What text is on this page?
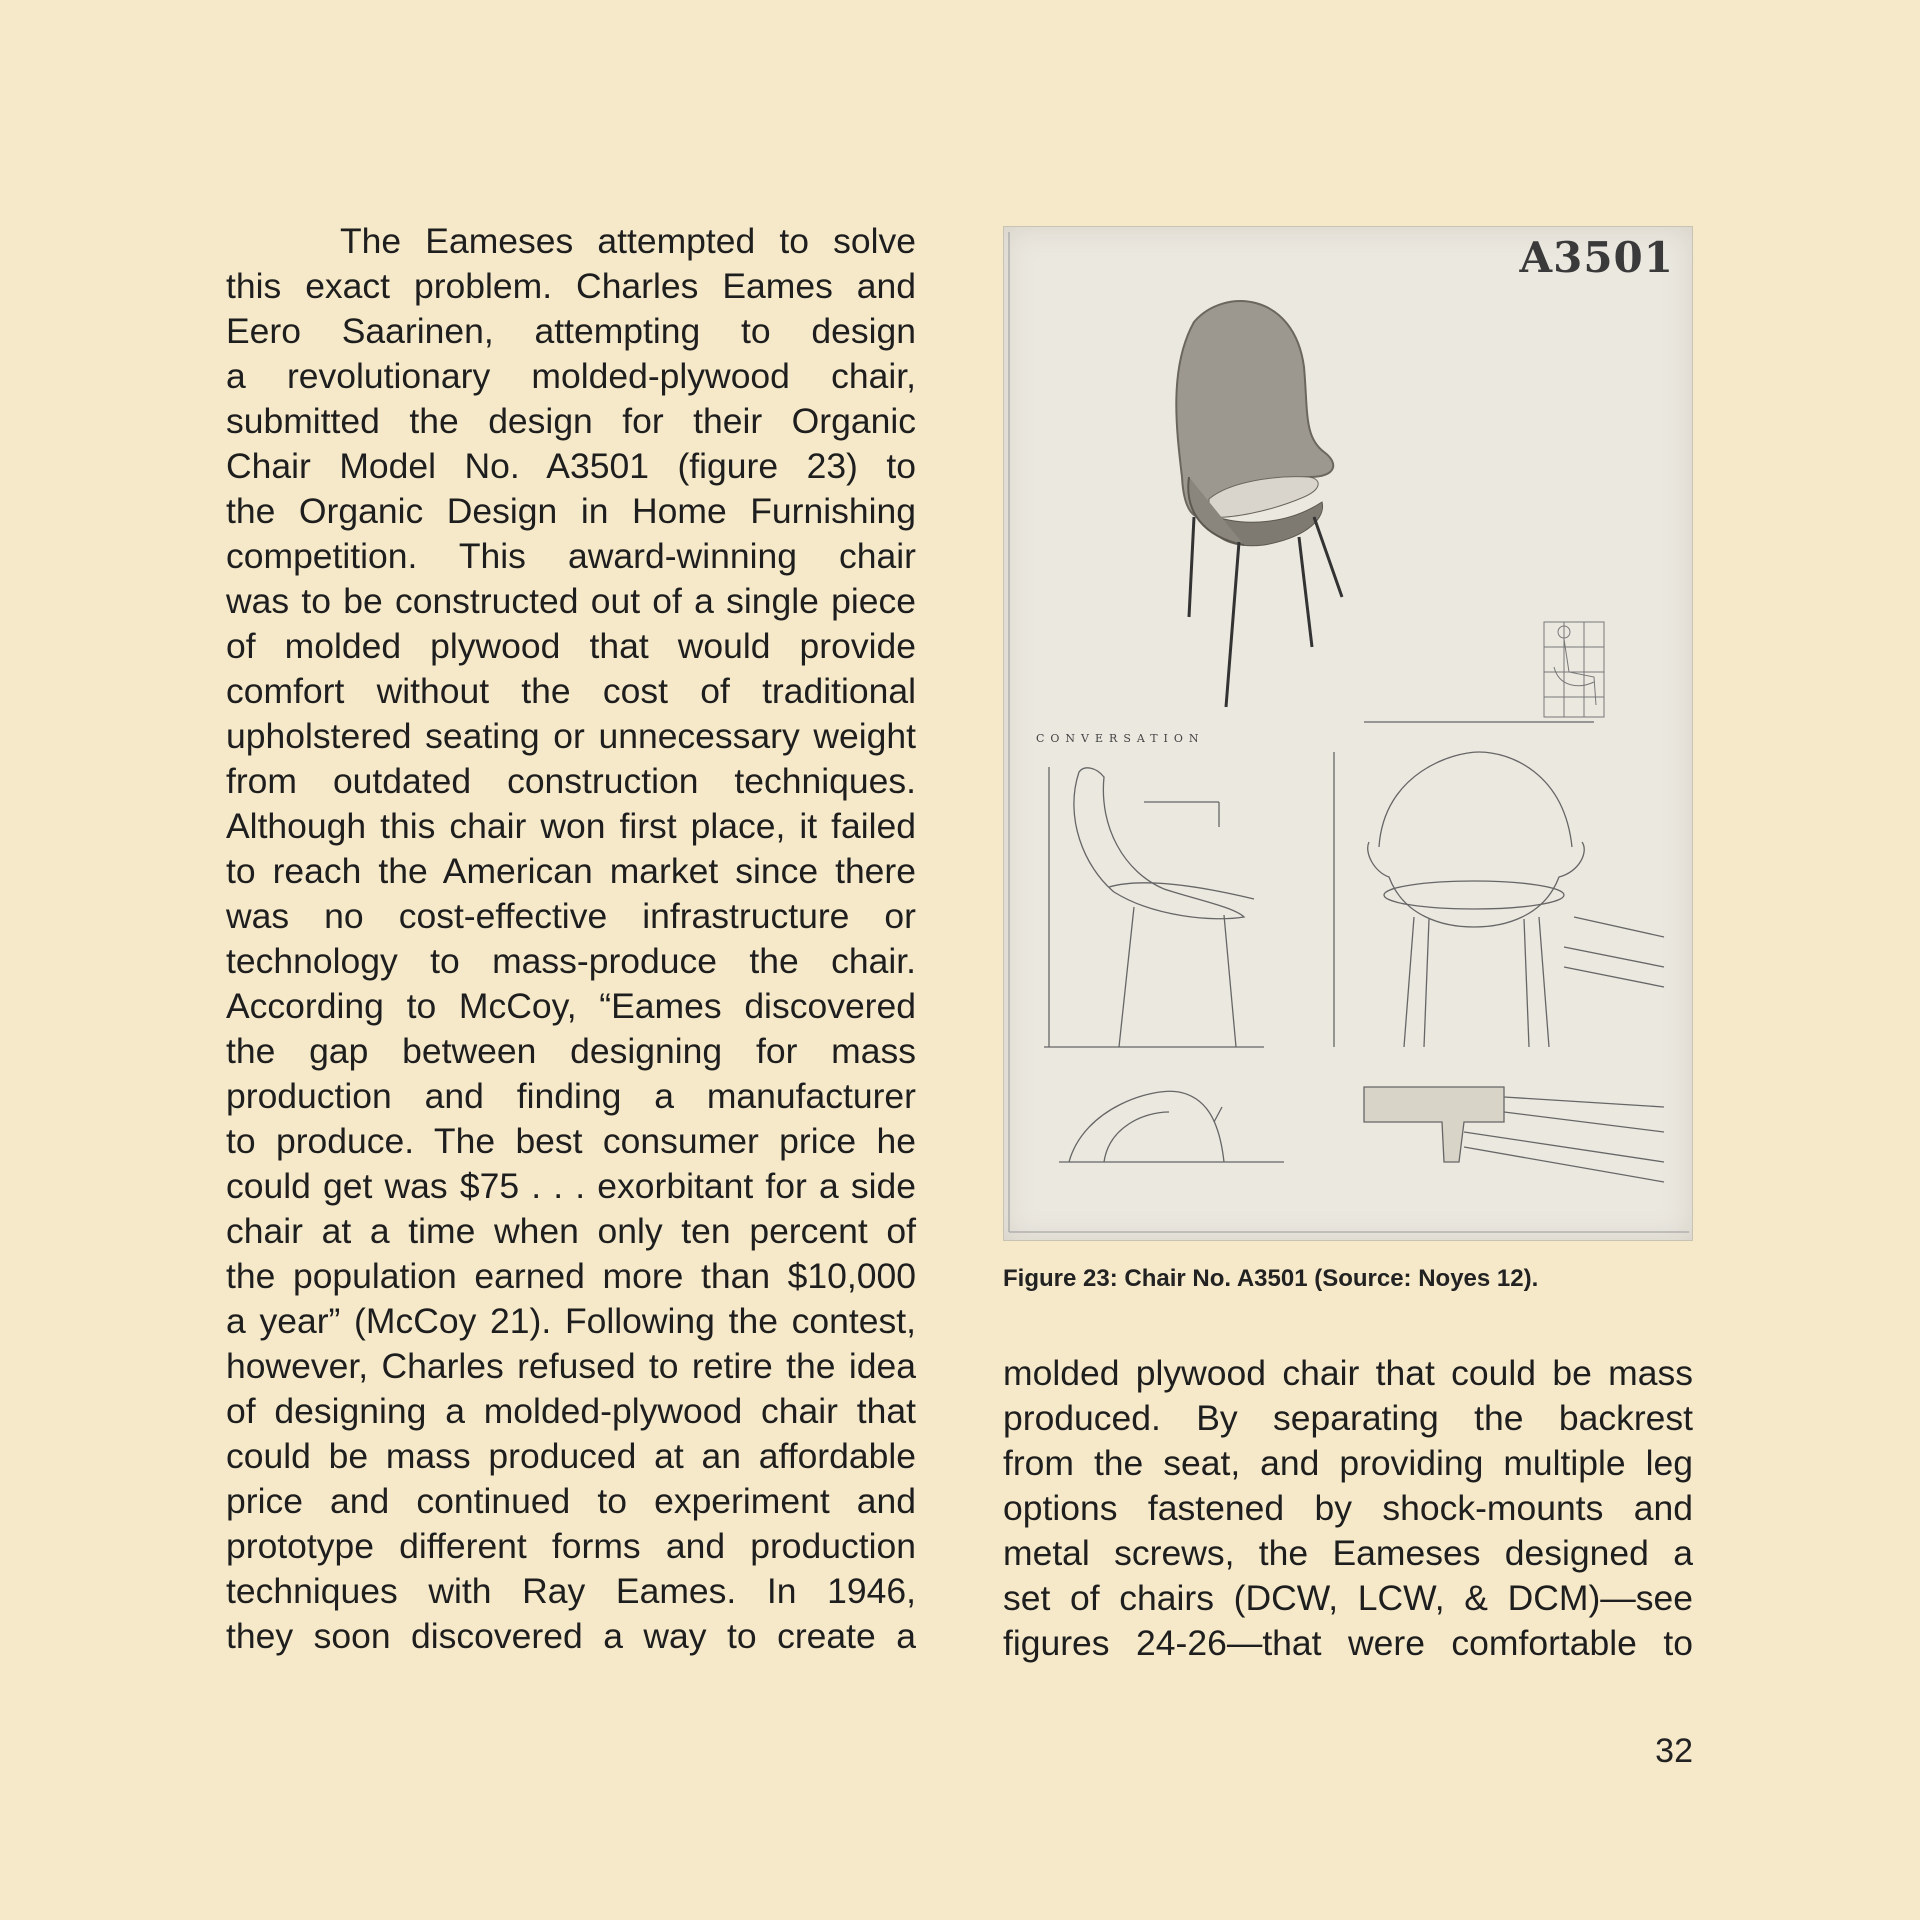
The Eameses attempted to solve
this exact problem. Charles Eames and
Eero Saarinen, attempting to design
a revolutionary molded-plywood chair,
submitted the design for their Organic
Chair Model No. A3501 (figure 23) to
the Organic Design in Home Furnishing
competition. This award-winning chair
was to be constructed out of a single piece
of molded plywood that would provide
comfort without the cost of traditional
upholstered seating or unnecessary weight
from outdated construction techniques.
Although this chair won first place, it failed
to reach the American market since there
was no cost-effective infrastructure or
technology to mass-produce the chair.
According to McCoy, “Eames discovered
the gap between designing for mass
production and finding a manufacturer
to produce. The best consumer price he
could get was $75 . . . exorbitant for a side
chair at a time when only ten percent of
the population earned more than $10,000
a year” (McCoy 21). Following the contest,
however, Charles refused to retire the idea
of designing a molded-plywood chair that
could be mass produced at an affordable
price and continued to experiment and
prototype different forms and production
techniques with Ray Eames. In 1946,
they soon discovered a way to create a
A3501
CONVERSATION
Figure 23: Chair No. A3501 (Source: Noyes 12).
molded plywood chair that could be mass
produced. By separating the backrest
from the seat, and providing multiple leg
options fastened by shock-mounts and
metal screws, the Eameses designed a
set of chairs (DCW, LCW, & DCM)—see
figures 24-26—that were comfortable to
32
